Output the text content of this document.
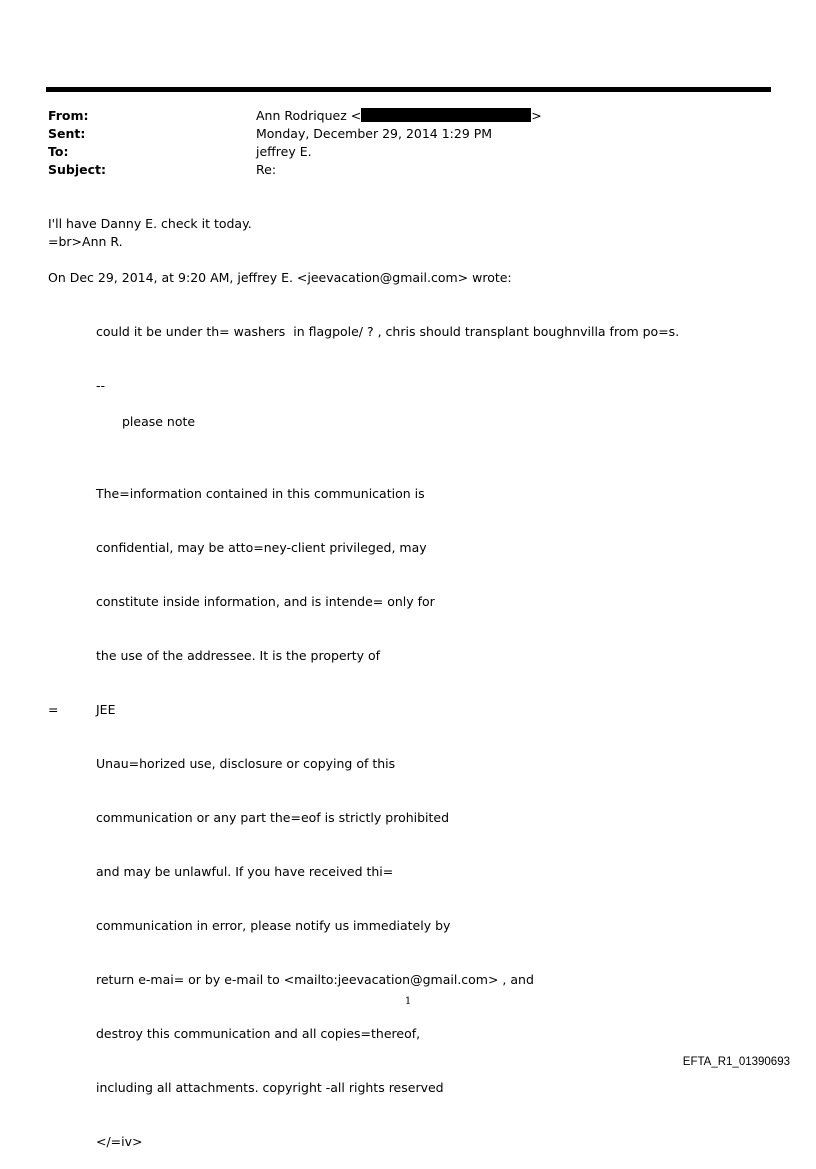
From:	Ann Rodriquez <	>
Sent:	Monday, December 29, 2014 1:29 PM
To:	jeffrey E.
Subject:	Re:
I'll have Danny E. check it today.
=br>Ann R.
On Dec 29, 2014, at 9:20 AM, jeffrey E. <jeevacation@gmail.com> wrote:
could it be under th= washers  in flagpole/ ? , chris should transplant boughnvilla from po=s.
--
please note

The=information contained in this communication is

confidential, may be atto=ney-client privileged, may

constitute inside information, and is intende= only for

the use of the addressee. It is the property of

JEE

Unau=horized use, disclosure or copying of this

communication or any part the=eof is strictly prohibited

and may be unlawful. If you have received thi=

communication in error, please notify us immediately by

return e-mai= or by e-mail to <mailto:jeevacation@gmail.com> , and

destroy this communication and all copies=thereof,

including all attachments. copyright -all rights reserved

</=iv>

=
1
EFTA_R1_01390693
